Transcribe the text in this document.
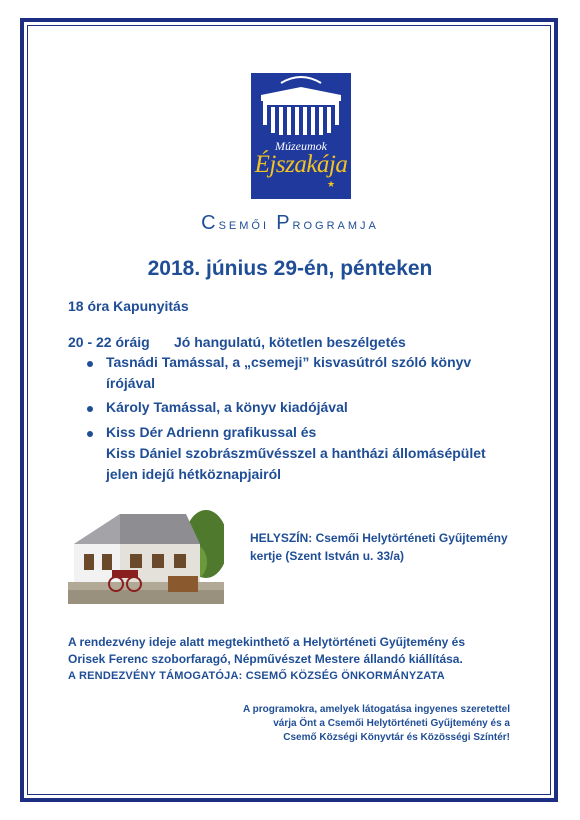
Múzeumok
Éjszakája
★
Csemői Programja
2018. június 29-én, pénteken
18 óra Kapunyitás
20 - 22 óráig Jó hangulatú, kötetlen beszélgetés
Tasnádi Tamással, a „csemeji” kisvasútról szóló könyv
írójával
Károly Tamással, a könyv kiadójával
Kiss Dér Adrienn grafikussal és
Kiss Dániel szobrászművésszel a hantházi állomásépület
jelen idejű hétköznapjairól
HELYSZÍN: Csemői Helytörténeti Gyűjtemény
kertje (Szent István u. 33/a)
A rendezvény ideje alatt megtekinthető a Helytörténeti Gyűjtemény és
Orisek Ferenc szoborfaragó, Népművészet Mestere állandó kiállítása.
A RENDEZVÉNY TÁMOGATÓJA: CSEMŐ KÖZSÉG ÖNKORMÁNYZATA
A programokra, amelyek látogatása ingyenes szeretettel
várja Önt a Csemői Helytörténeti Gyűjtemény és a
Csemő Községi Könyvtár és Közösségi Színtér!
